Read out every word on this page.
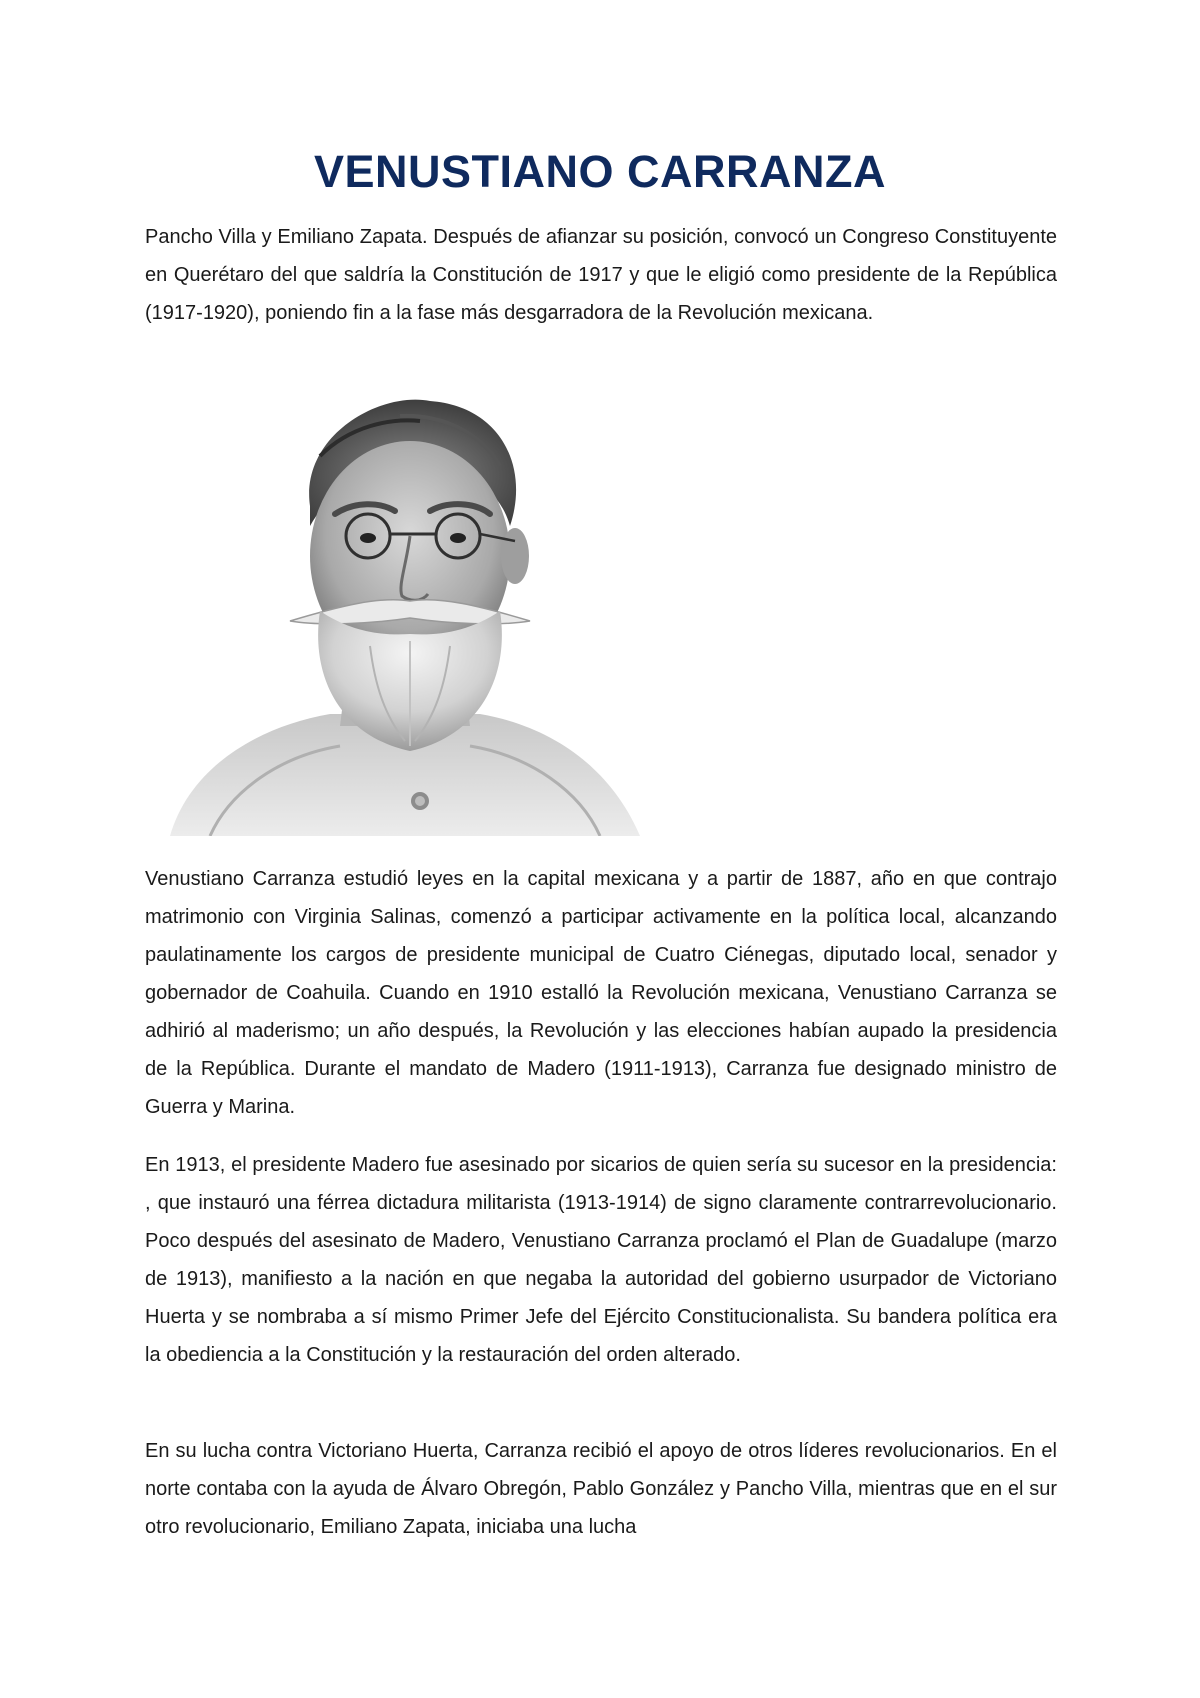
VENUSTIANO CARRANZA

Pancho Villa y Emiliano Zapata. Después de afianzar su posición, convocó un Congreso Constituyente en Querétaro del que saldría la Constitución de 1917 y que le eligió como presidente de la República (1917-1920), poniendo fin a la fase más desgarradora de la Revolución mexicana.

Venustiano Carranza estudió leyes en la capital mexicana y a partir de 1887, año en que contrajo matrimonio con Virginia Salinas, comenzó a participar activamente en la política local, alcanzando paulatinamente los cargos de presidente municipal de Cuatro Ciénegas, diputado local, senador y gobernador de Coahuila. Cuando en 1910 estalló la Revolución mexicana, Venustiano Carranza se adhirió al maderismo; un año después, la Revolución y las elecciones habían aupado la presidencia de la República. Durante el mandato de Madero (1911-1913), Carranza fue designado ministro de Guerra y Marina.

En 1913, el presidente Madero fue asesinado por sicarios de quien sería su sucesor en la presidencia: , que instauró una férrea dictadura militarista (1913-1914) de signo claramente contrarrevolucionario. Poco después del asesinato de Madero, Venustiano Carranza proclamó el Plan de Guadalupe (marzo de 1913), manifiesto a la nación en que negaba la autoridad del gobierno usurpador de Victoriano Huerta y se nombraba a sí mismo Primer Jefe del Ejército Constitucionalista. Su bandera política era la obediencia a la Constitución y la restauración del orden alterado.

En su lucha contra Victoriano Huerta, Carranza recibió el apoyo de otros líderes revolucionarios. En el norte contaba con la ayuda de Álvaro Obregón, Pablo González y Pancho Villa, mientras que en el sur otro revolucionario, Emiliano Zapata, iniciaba una lucha
